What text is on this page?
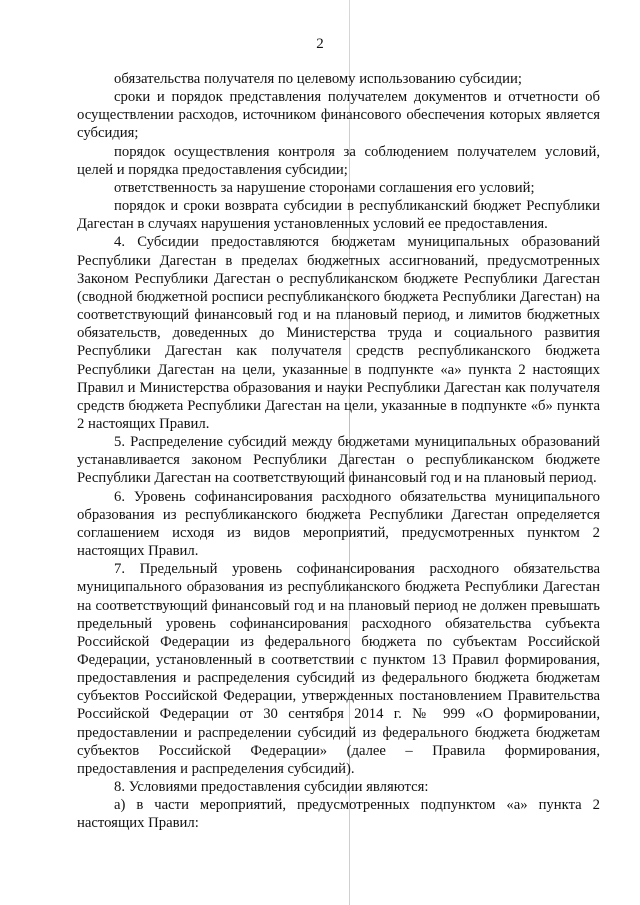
2

обязательства получателя по целевому использованию субсидии;

сроки и порядок представления получателем документов и отчетности об осуществлении расходов, источником финансового обеспечения которых является субсидия;

порядок осуществления контроля за соблюдением получателем условий, целей и порядка предоставления субсидии;

ответственность за нарушение сторонами соглашения его условий;

порядок и сроки возврата субсидии в республиканский бюджет Республики Дагестан в случаях нарушения установленных условий ее предоставления.

4. Субсидии предоставляются бюджетам муниципальных образований Республики Дагестан в пределах бюджетных ассигнований, предусмотренных Законом Республики Дагестан о республиканском бюджете Республики Дагестан (сводной бюджетной росписи республиканского бюджета Республики Дагестан) на соответствующий финансовый год и на плановый период, и лимитов бюджетных обязательств, доведенных до Министерства труда и социального развития Республики Дагестан как получателя средств республиканского бюджета Республики Дагестан на цели, указанные в подпункте «а» пункта 2 настоящих Правил и Министерства образования и науки Республики Дагестан как получателя средств бюджета Республики Дагестан на цели, указанные в подпункте «б» пункта 2 настоящих Правил.

5. Распределение субсидий между бюджетами муниципальных образований устанавливается законом Республики Дагестан о республиканском бюджете Республики Дагестан на соответствующий финансовый год и на плановый период.

6. Уровень софинансирования расходного обязательства муниципального образования из республиканского бюджета Республики Дагестан определяется соглашением исходя из видов мероприятий, предусмотренных пунктом 2 настоящих Правил.

7. Предельный уровень софинансирования расходного обязательства муниципального образования из республиканского бюджета Республики Дагестан на соответствующий финансовый год и на плановый период не должен превышать предельный уровень софинансирования расходного обязательства субъекта Российской Федерации из федерального бюджета по субъектам Российской Федерации, установленный в соответствии с пунктом 13 Правил формирования, предоставления и распределения субсидий из федерального бюджета бюджетам субъектов Российской Федерации, утвержденных постановлением Правительства Российской Федерации от 30 сентября 2014 г. № 999 «О формировании, предоставлении и распределении субсидий из федерального бюджета бюджетам субъектов Российской Федерации» (далее – Правила формирования, предоставления и распределения субсидий).

8. Условиями предоставления субсидии являются:

а) в части мероприятий, предусмотренных подпунктом «а» пункта 2 настоящих Правил:
